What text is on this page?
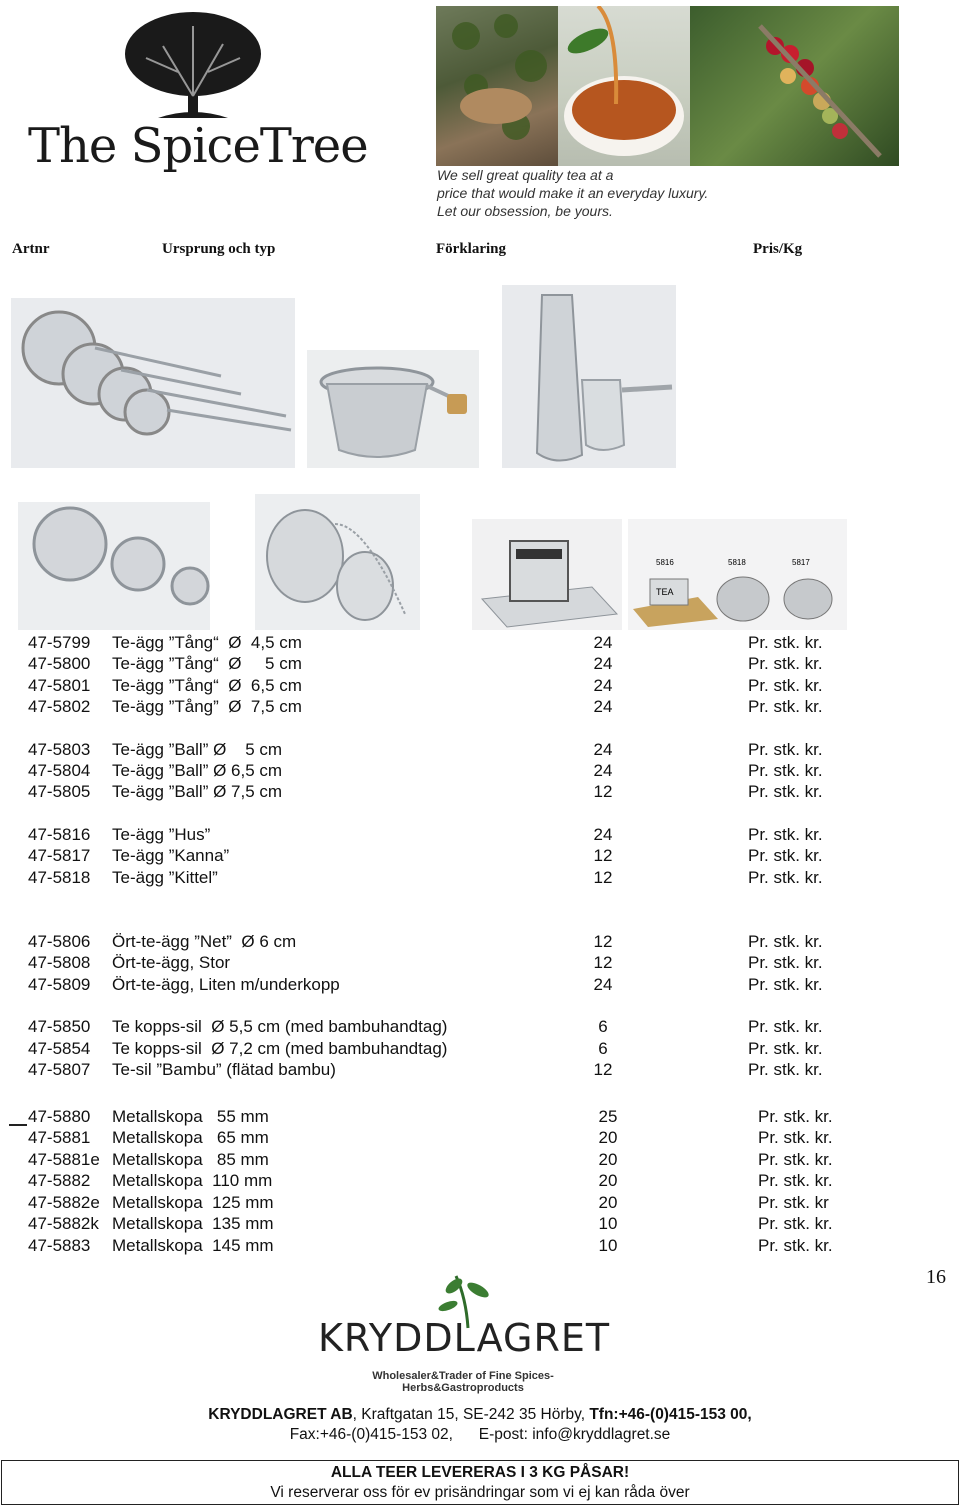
The SpiceTree
We sell great quality tea at a
price that would make it an everyday luxury.
Let our obsession, be yours.
Artnr	Ursprung och typ	Förklaring	Pris/Kg
TEA
5816	5818	5817
47-5799 Te-ägg ”Tång“  Ø  4,5 cm	24	Pr. stk. kr.
47-5800 Te-ägg ”Tång“  Ø     5 cm	24	Pr. stk. kr.
47-5801 Te-ägg ”Tång“  Ø  6,5 cm	24	Pr. stk. kr.
47-5802 Te-ägg ”Tång”  Ø  7,5 cm	24	Pr. stk. kr.
47-5803 Te-ägg ”Ball” Ø    5 cm	24	Pr. stk. kr.
47-5804 Te-ägg ”Ball” Ø 6,5 cm	24	Pr. stk. kr.
47-5805 Te-ägg ”Ball” Ø 7,5 cm	12	Pr. stk. kr.
47-5816 Te-ägg ”Hus”	24	Pr. stk. kr.
47-5817 Te-ägg ”Kanna”	12	Pr. stk. kr.
47-5818 Te-ägg ”Kittel”	12	Pr. stk. kr.
47-5806 Ört-te-ägg ”Net”  Ø 6 cm	12	Pr. stk. kr.
47-5808 Ört-te-ägg, Stor	12	Pr. stk. kr.
47-5809 Ört-te-ägg, Liten m/underkopp	24	Pr. stk. kr.
47-5850 Te kopps-sil  Ø 5,5 cm (med bambuhandtag)	6	Pr. stk. kr.
47-5854 Te kopps-sil  Ø 7,2 cm (med bambuhandtag)	6	Pr. stk. kr.
47-5807 Te-sil ”Bambu” (flätad bambu)	12	Pr. stk. kr.
47-5880 Metallskopa   55 mm	25	Pr. stk. kr.
47-5881 Metallskopa   65 mm	20	Pr. stk. kr.
47-5881e Metallskopa   85 mm	20	Pr. stk. kr.
47-5882 Metallskopa  110 mm	20	Pr. stk. kr.
47-5882e Metallskopa  125 mm	20	Pr. stk. kr
47-5882k Metallskopa  135 mm	10	Pr. stk. kr.
47-5883 Metallskopa  145 mm	10	Pr. stk. kr.
16
KRYDDLAGRET
Wholesaler&Trader of Fine Spices-Herbs&Gastroproducts
KRYDDLAGRET AB, Kraftgatan 15, SE-242 35 Hörby, Tfn:+46-(0)415-153 00,
Fax:+46-(0)415-153 02,      E-post: info@kryddlagret.se
ALLA TEER LEVERERAS I 3 KG PÅSAR!
Vi reserverar oss för ev prisändringar som vi ej kan råda över
